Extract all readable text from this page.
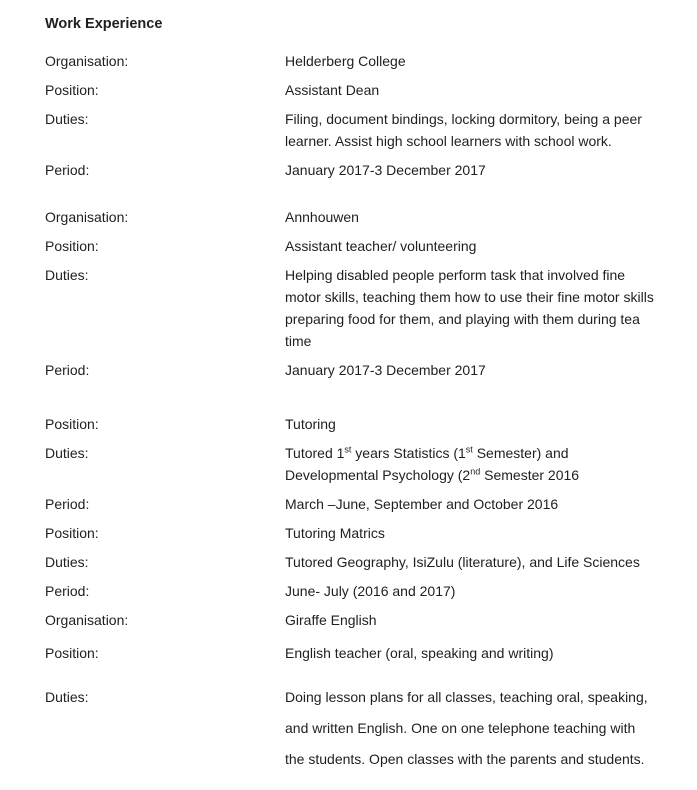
Work Experience

Organisation:	Helderberg College
Position:	Assistant Dean
Duties:	Filing, document bindings, locking dormitory, being a peer
learner. Assist high school learners with school work.
Period:	January 2017-3 December 2017
Organisation:	Annhouwen
Position:	Assistant teacher/ volunteering
Duties:	Helping disabled people perform task that involved fine
motor skills, teaching them how to use their fine motor skills
preparing food for them, and playing with them during tea
time
Period:	January 2017-3 December 2017
Position:	Tutoring
Duties:	Tutored 1st years Statistics (1st Semester) and
Developmental Psychology (2nd Semester 2016
Period:	March –June, September and October 2016
Position:	Tutoring Matrics
Duties:	Tutored Geography, IsiZulu (literature), and Life Sciences
Period:	June- July (2016 and 2017)
Organisation:	Giraffe English
Position:	English teacher (oral, speaking and writing)
Duties:	Doing lesson plans for all classes, teaching oral, speaking,
and written English. One on one telephone teaching with
the students. Open classes with the parents and students.
